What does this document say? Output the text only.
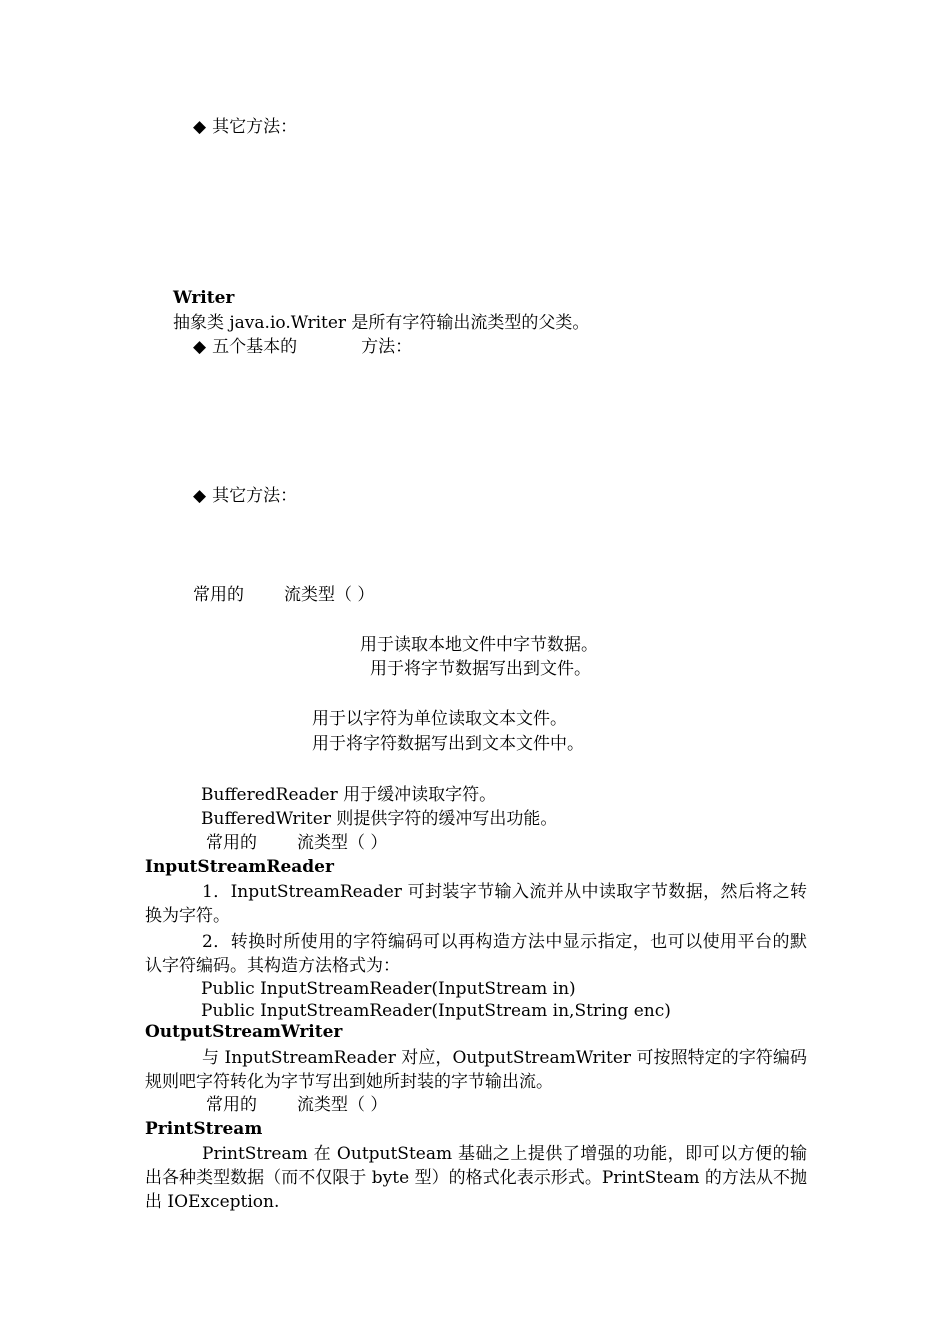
◆ 其它方法：
Writer
抽象类 java.io.Writer 是所有字符输出流类型的父类。
◆ 五个基本的	方法：
◆ 其它方法：
常用的 流类型（ ）
用于读取本地文件中字节数据。
用于将字节数据写出到文件。
用于以字符为单位读取文本文件。
用于将字符数据写出到文本文件中。
BufferedReader 用于缓冲读取字符。
BufferedWriter 则提供字符的缓冲写出功能。
常用的 流类型（ ）
InputStreamReader
1．InputStreamReader 可封装字节输入流并从中读取字节数据，然后将之转换为字符。
2．转换时所使用的字符编码可以再构造方法中显示指定，也可以使用平台的默认字符编码。其构造方法格式为：
Public InputStreamReader(InputStream in)
Public InputStreamReader(InputStream in,String enc)
OutputStreamWriter
与 InputStreamReader 对应，OutputStreamWriter 可按照特定的字符编码规则吧字符转化为字节写出到她所封装的字节输出流。
常用的 流类型（ ）
PrintStream
PrintStream 在 OutputSteam 基础之上提供了增强的功能，即可以方便的输出各种类型数据（而不仅限于 byte 型）的格式化表示形式。PrintSteam 的方法从不抛出 IOException.
